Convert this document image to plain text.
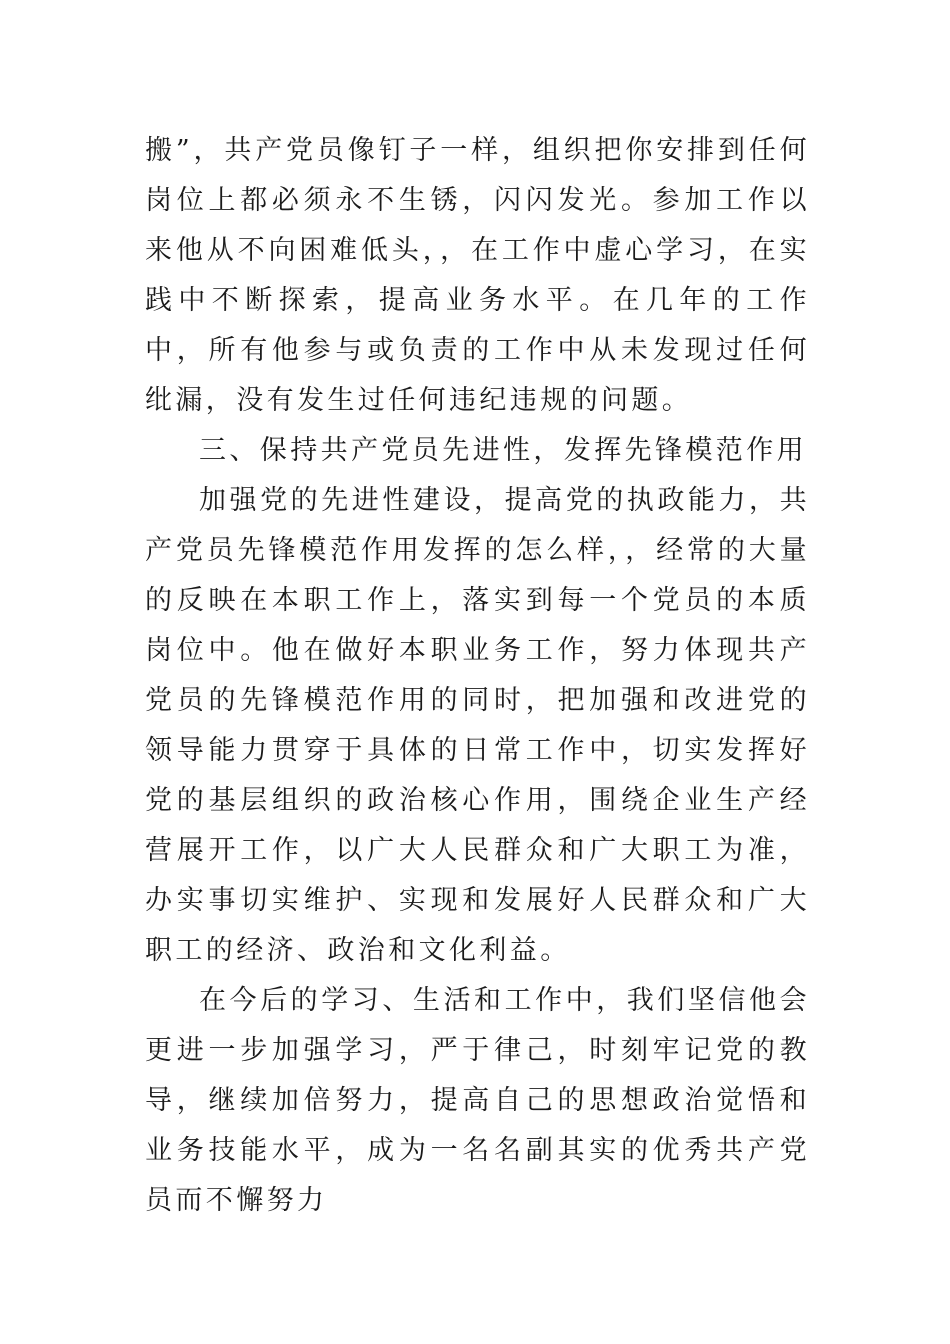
搬”，共产党员像钉子一样，组织把你安排到任何岗位上都必须永不生锈，闪闪发光。参加工作以来他从不向困难低头，，在工作中虚心学习，在实践中不断探索，提高业务水平。在几年的工作中，所有他参与或负责的工作中从未发现过任何纰漏，没有发生过任何违纪违规的问题。

三、保持共产党员先进性，发挥先锋模范作用

加强党的先进性建设，提高党的执政能力，共产党员先锋模范作用发挥的怎么样，，经常的大量的反映在本职工作上，落实到每一个党员的本质岗位中。他在做好本职业务工作，努力体现共产党员的先锋模范作用的同时，把加强和改进党的领导能力贯穿于具体的日常工作中，切实发挥好党的基层组织的政治核心作用，围绕企业生产经营展开工作，以广大人民群众和广大职工为准，办实事切实维护、实现和发展好人民群众和广大职工的经济、政治和文化利益。

在今后的学习、生活和工作中，我们坚信他会更进一步加强学习，严于律己，时刻牢记党的教导，继续加倍努力，提高自己的思想政治觉悟和业务技能水平，成为一名名副其实的优秀共产党员而不懈努力
